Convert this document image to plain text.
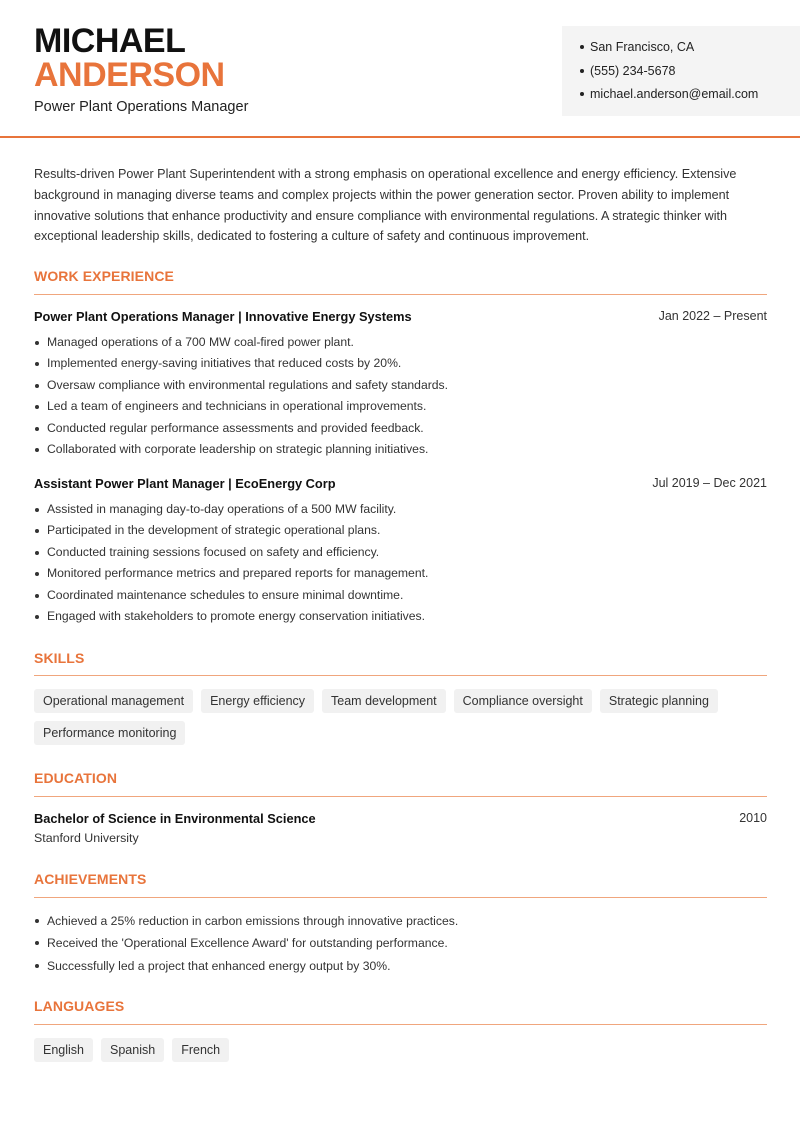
MICHAEL
ANDERSON
Power Plant Operations Manager
San Francisco, CA
(555) 234-5678
michael.anderson@email.com

Results-driven Power Plant Superintendent with a strong emphasis on operational excellence and energy efficiency. Extensive background in managing diverse teams and complex projects within the power generation sector. Proven ability to implement innovative solutions that enhance productivity and ensure compliance with environmental regulations. A strategic thinker with exceptional leadership skills, dedicated to fostering a culture of safety and continuous improvement.

WORK EXPERIENCE
Power Plant Operations Manager | Innovative Energy Systems	Jan 2022 – Present
Managed operations of a 700 MW coal-fired power plant.
Implemented energy-saving initiatives that reduced costs by 20%.
Oversaw compliance with environmental regulations and safety standards.
Led a team of engineers and technicians in operational improvements.
Conducted regular performance assessments and provided feedback.
Collaborated with corporate leadership on strategic planning initiatives.
Assistant Power Plant Manager | EcoEnergy Corp	Jul 2019 – Dec 2021
Assisted in managing day-to-day operations of a 500 MW facility.
Participated in the development of strategic operational plans.
Conducted training sessions focused on safety and efficiency.
Monitored performance metrics and prepared reports for management.
Coordinated maintenance schedules to ensure minimal downtime.
Engaged with stakeholders to promote energy conservation initiatives.
SKILLS
Operational management	Energy efficiency	Team development	Compliance oversight	Strategic planning
Performance monitoring
EDUCATION
Bachelor of Science in Environmental Science	2010
Stanford University
ACHIEVEMENTS
Achieved a 25% reduction in carbon emissions through innovative practices.
Received the 'Operational Excellence Award' for outstanding performance.
Successfully led a project that enhanced energy output by 30%.
LANGUAGES
English	Spanish	French
